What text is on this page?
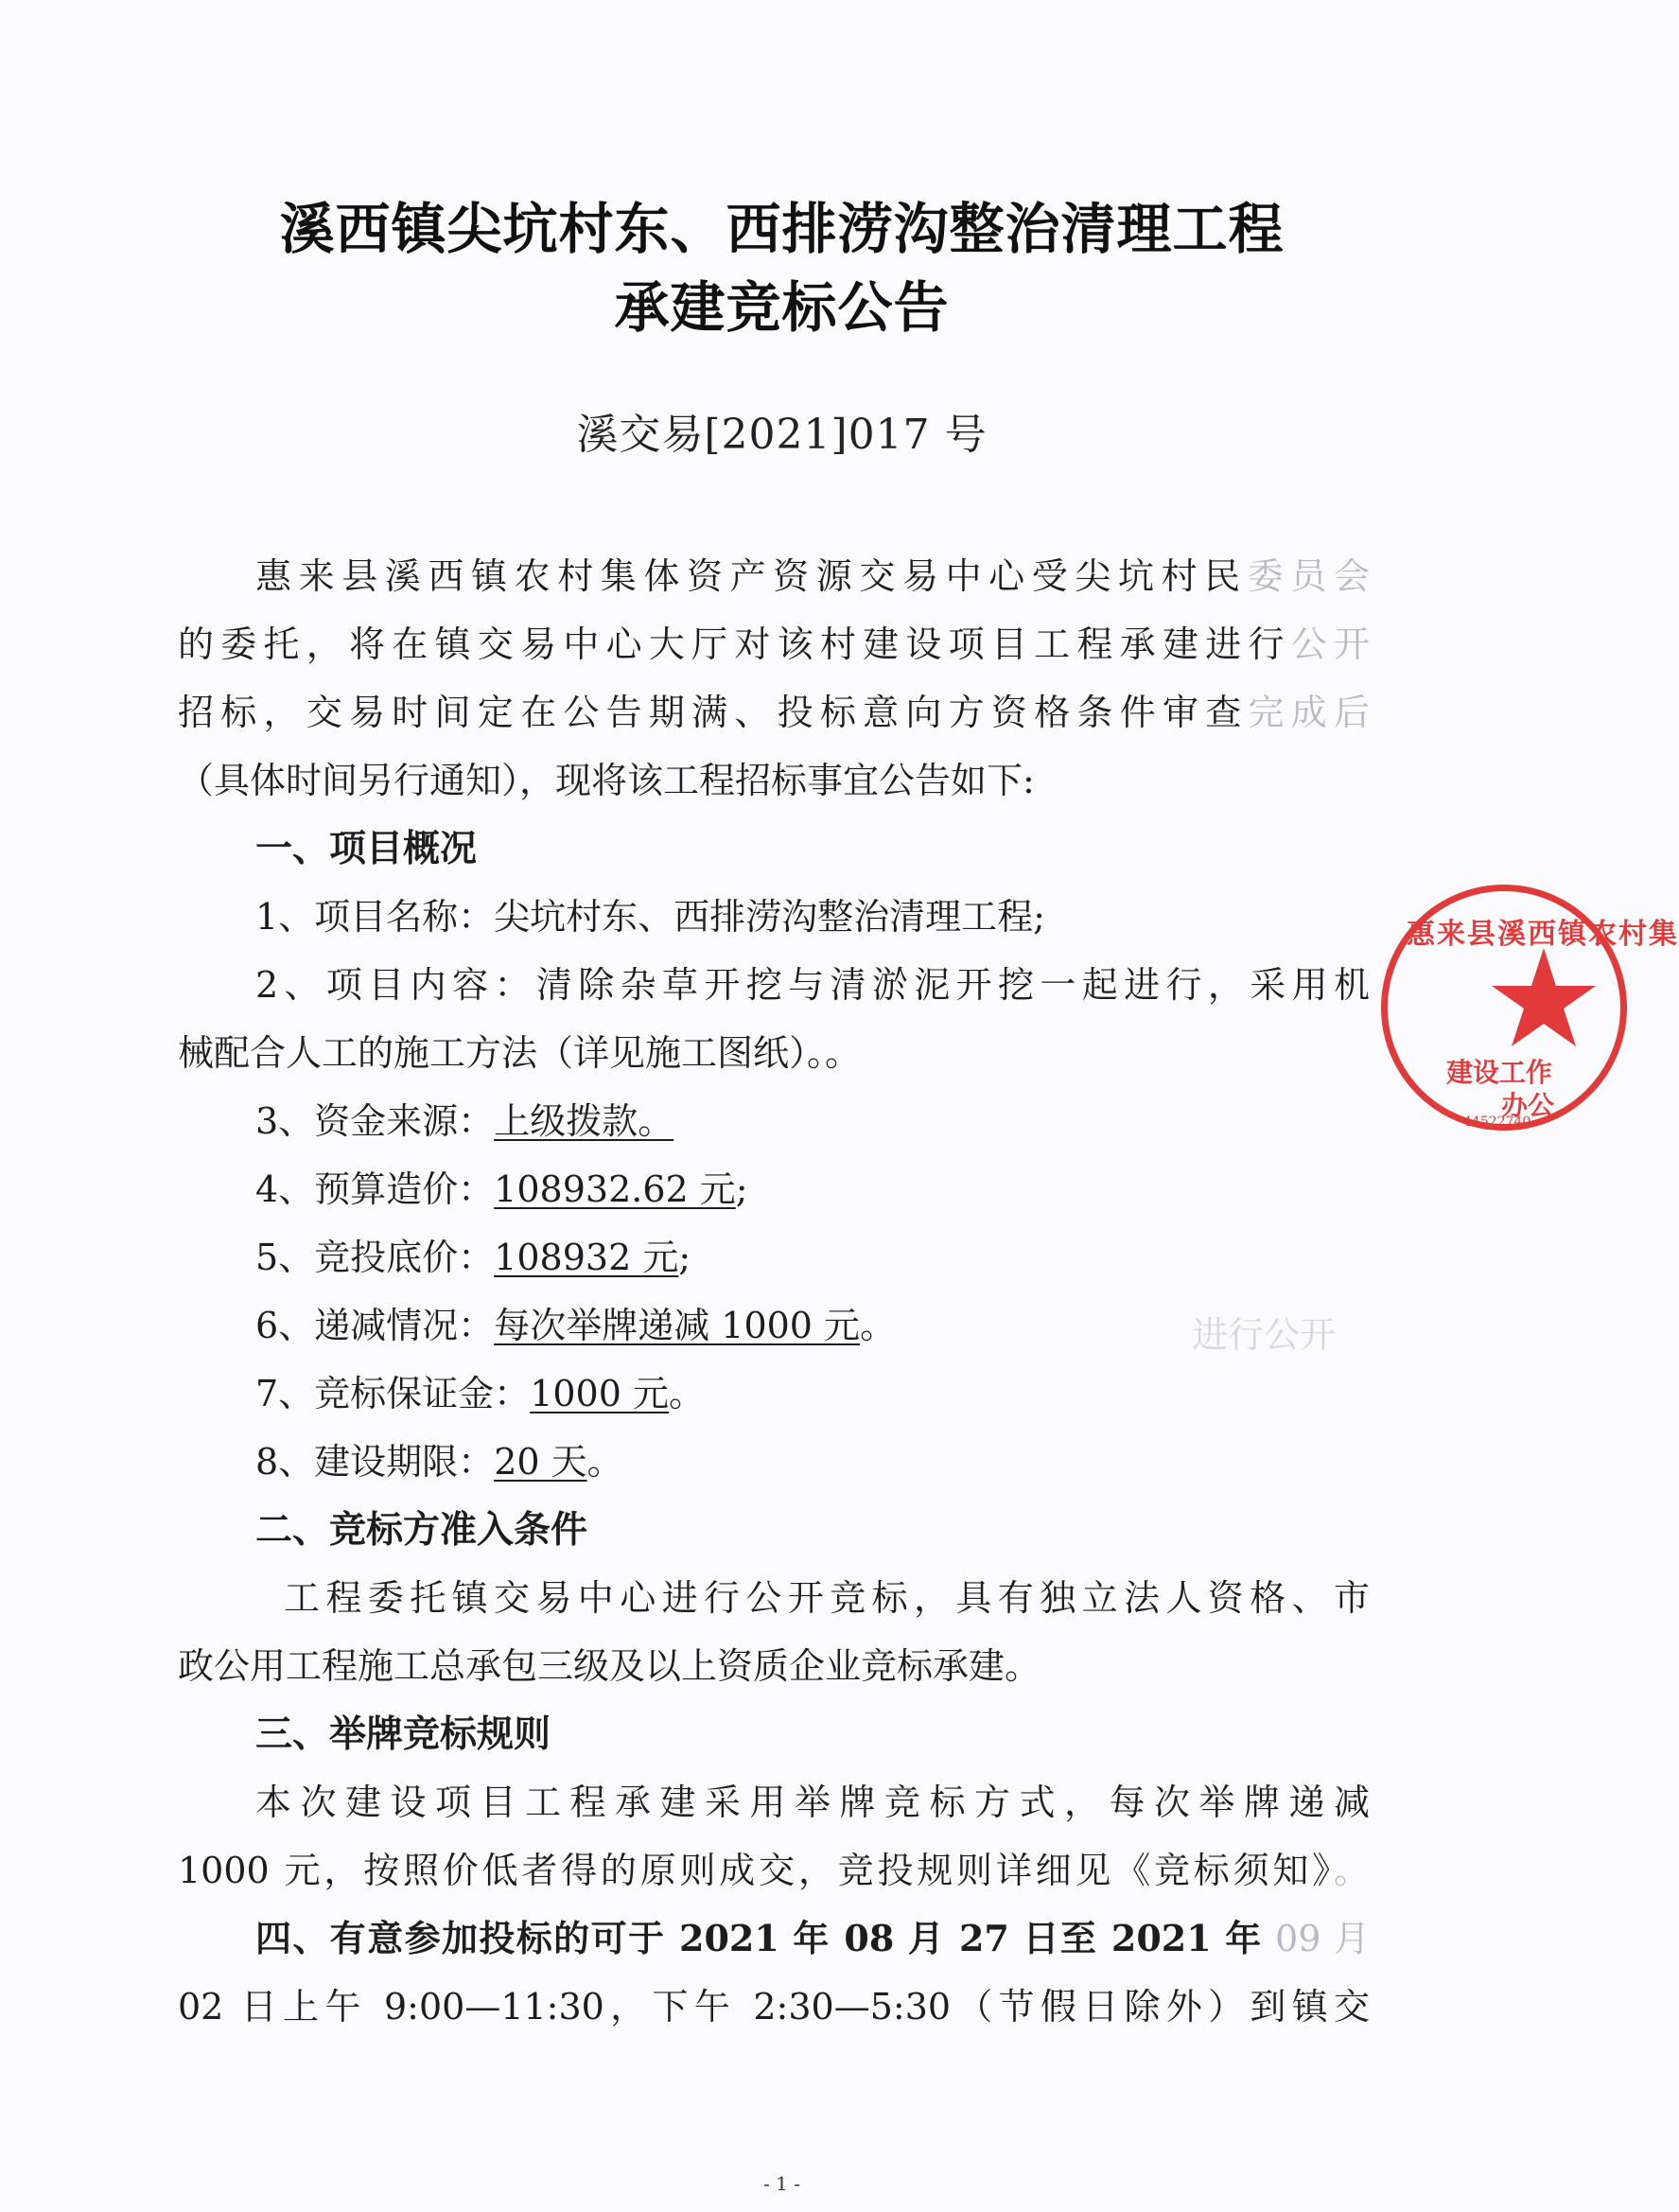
溪西镇尖坑村东、西排涝沟整治清理工程
承建竞标公告
溪交易[2021]017 号
惠来县溪西镇农村集体资产资源交易中心受尖坑村民委员会
的委托，将在镇交易中心大厅对该村建设项目工程承建进行公开
招标，交易时间定在公告期满、投标意向方资格条件审查完成后
（具体时间另行通知），现将该工程招标事宜公告如下:
一、项目概况
1、项目名称：尖坑村东、西排涝沟整治清理工程;
2、项目内容：清除杂草开挖与清淤泥开挖一起进行，采用机
械配合人工的施工方法（详见施工图纸）。。
3、资金来源：上级拨款。
4、预算造价：108932.62 元;
5、竞投底价：108932 元;
6、递减情况：每次举牌递减 1000 元。
7、竞标保证金：1000 元。
8、建设期限：20 天。
二、竞标方准入条件
工程委托镇交易中心进行公开竞标，具有独立法人资格、市
政公用工程施工总承包三级及以上资质企业竞标承建。
三、举牌竞标规则
本次建设项目工程承建采用举牌竞标方式，每次举牌递减
1000 元，按照价低者得的原则成交，竞投规则详细见《竞标须知》。
四、有意参加投标的可于 2021 年 08 月 27 日至 2021 年 09 月
02 日上午 9:00—11:30，下午 2:30—5:30（节假日除外）到镇交
进行公开
惠来县溪西镇农村集
建设工作
办公
44522740
- 1 -
